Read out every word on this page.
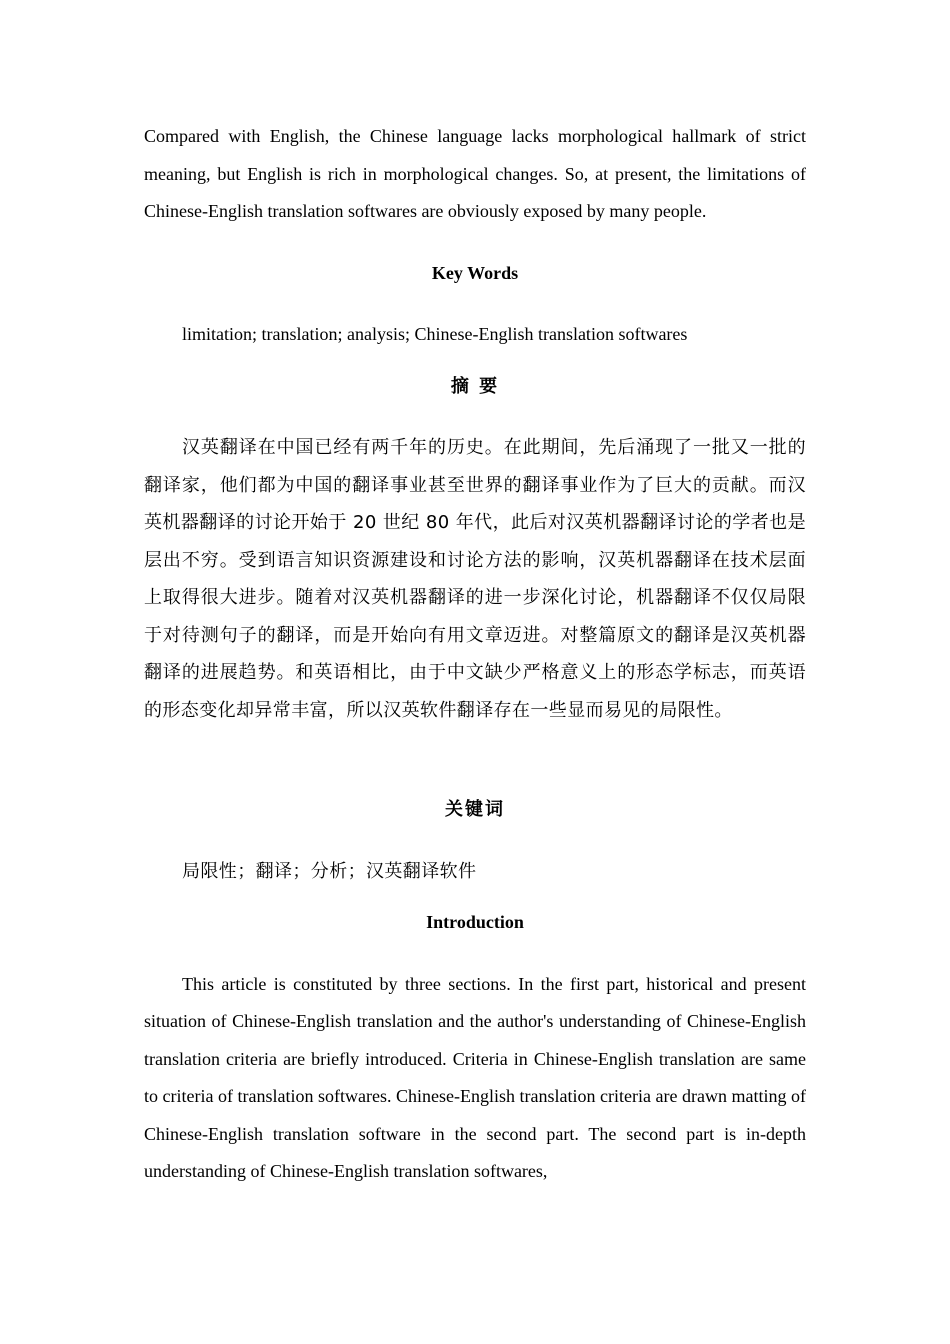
Compared with English, the Chinese language lacks morphological hallmark of strict meaning, but English is rich in morphological changes. So, at present, the limitations of Chinese-English translation softwares are obviously exposed by many people.

Key Words

limitation; translation; analysis; Chinese-English translation softwares

摘 要

汉英翻译在中国已经有两千年的历史。在此期间，先后涌现了一批又一批的翻译家，他们都为中国的翻译事业甚至世界的翻译事业作为了巨大的贡献。而汉英机器翻译的讨论开始于 20 世纪 80 年代，此后对汉英机器翻译讨论的学者也是层出不穷。受到语言知识资源建设和讨论方法的影响，汉英机器翻译在技术层面上取得很大进步。随着对汉英机器翻译的进一步深化讨论，机器翻译不仅仅局限于对待测句子的翻译，而是开始向有用文章迈进。对整篇原文的翻译是汉英机器翻译的进展趋势。和英语相比，由于中文缺少严格意义上的形态学标志，而英语的形态变化却异常丰富，所以汉英软件翻译存在一些显而易见的局限性。

关键词

局限性；翻译；分析；汉英翻译软件

Introduction

This article is constituted by three sections. In the first part, historical and present situation of Chinese-English translation and the author's understanding of Chinese-English translation criteria are briefly introduced. Criteria in Chinese-English translation are same to criteria of translation softwares. Chinese-English translation criteria are drawn matting of Chinese-English translation software in the second part. The second part is in-depth understanding of Chinese-English translation softwares,
